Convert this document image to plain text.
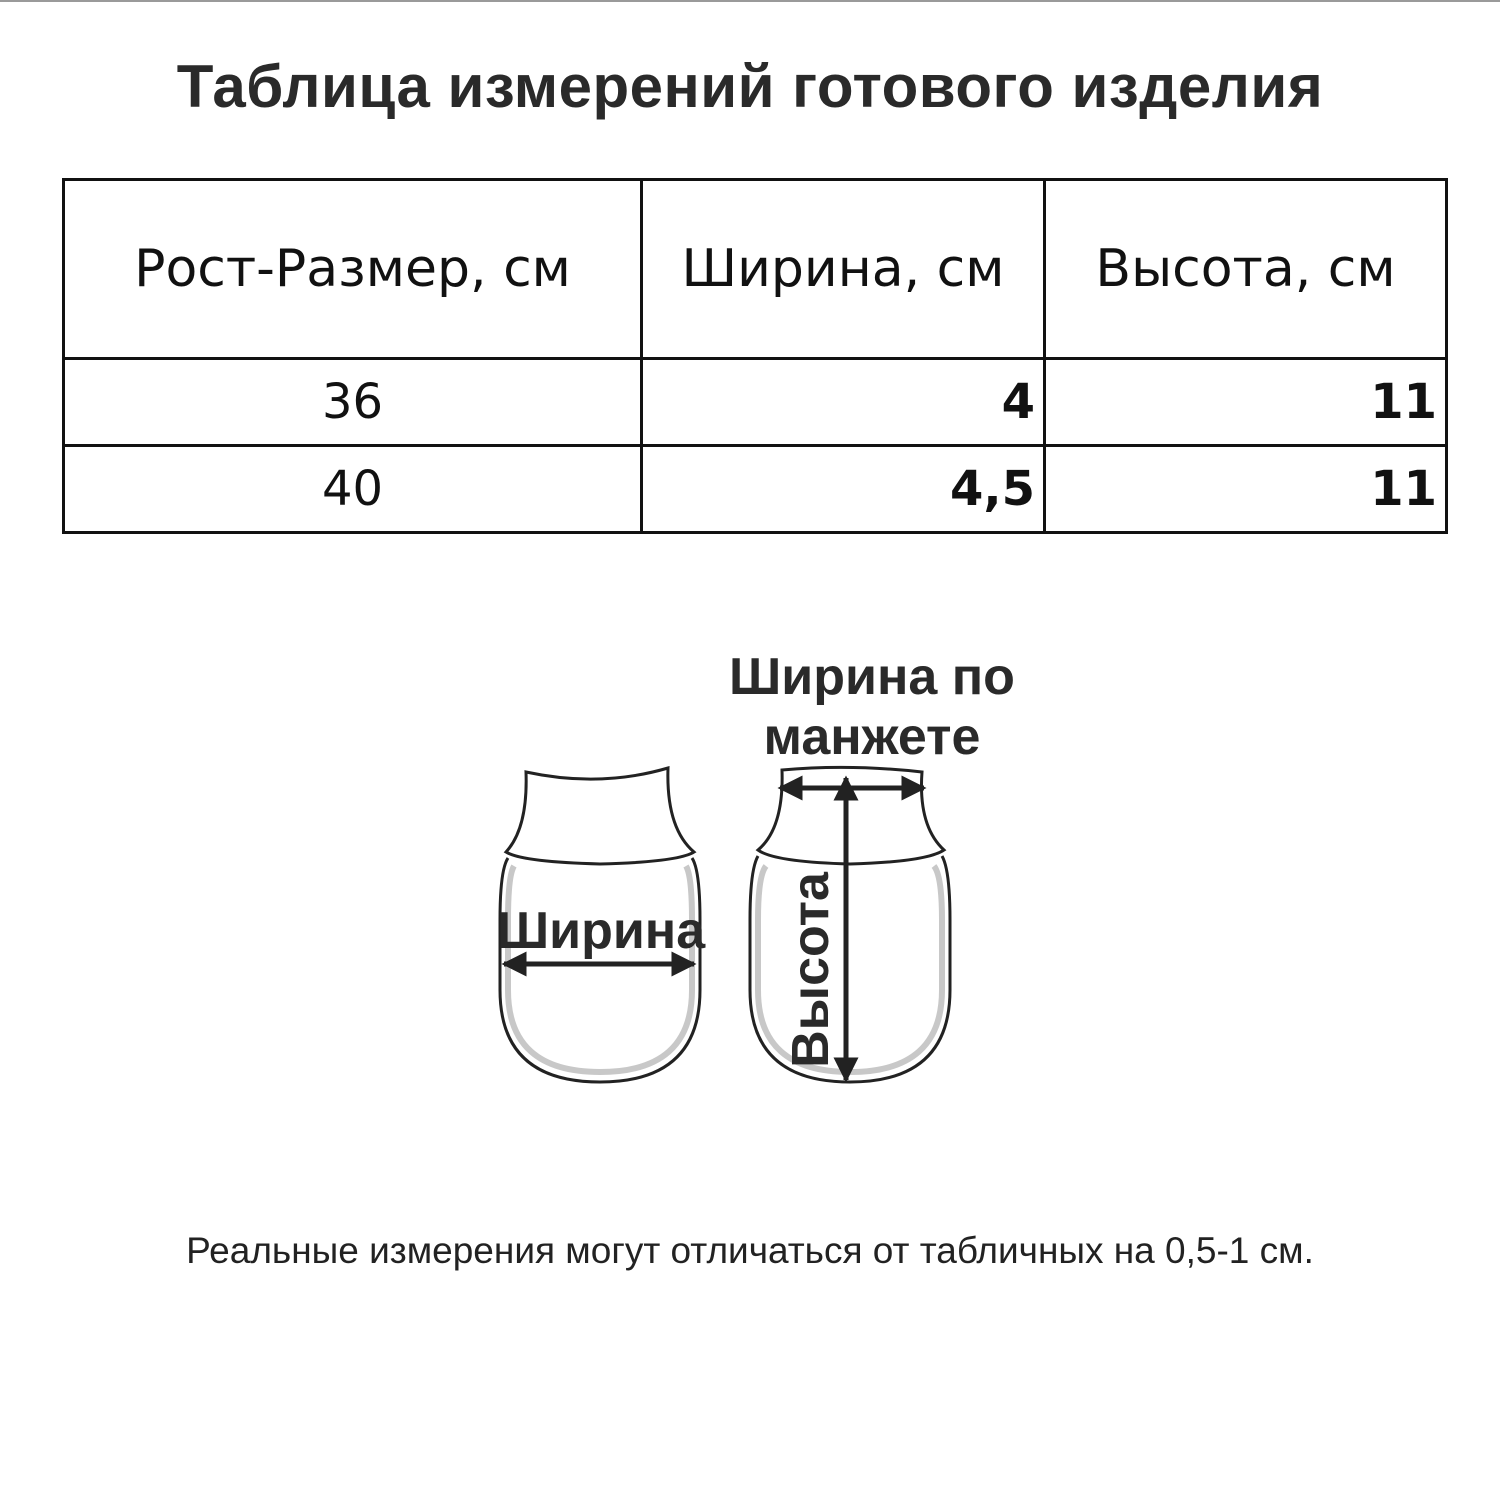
Таблица измерений готового изделия
Рост-Размер, см	Ширина, см	Высота, см
36	4	11
40	4,5	11
Ширина по
манжете
Ширина Высота
Реальные измерения могут отличаться от табличных на 0,5-1 см.
